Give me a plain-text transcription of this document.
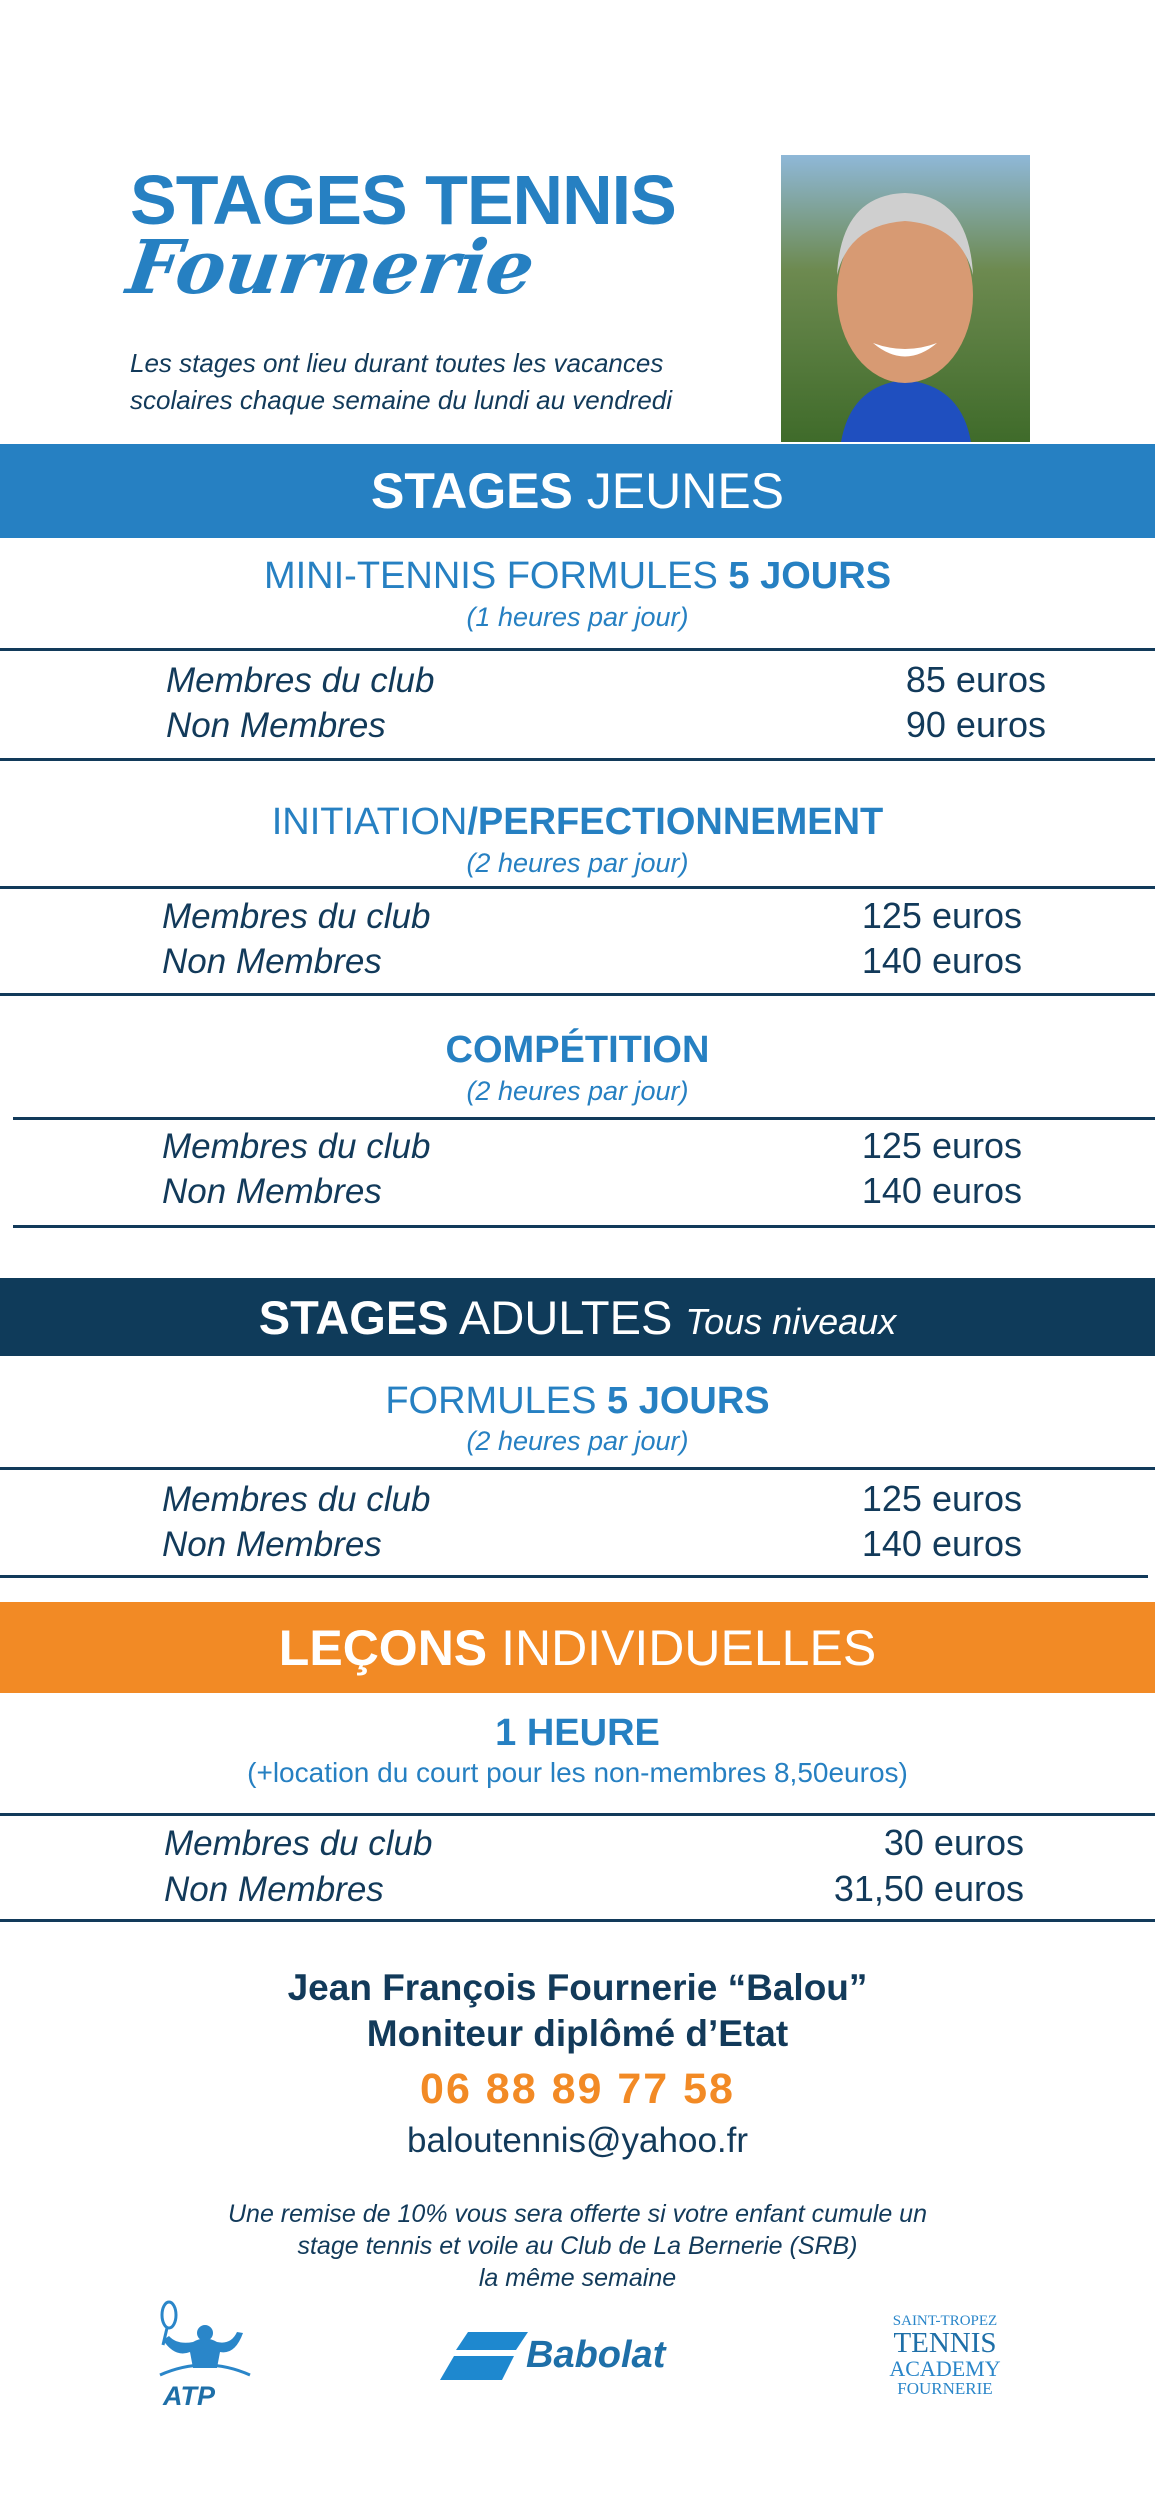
STAGES TENNIS
Fournerie
Les stages ont lieu durant toutes les vacances
scolaires chaque semaine du lundi au vendredi
STAGES JEUNES
MINI-TENNIS FORMULES 5 JOURS
(1 heures par jour)
Membres du club	85 euros
Non Membres	90 euros
INITIATION/PERFECTIONNEMENT
(2 heures par jour)
Membres du club	125 euros
Non Membres	140 euros
COMPÉTITION
(2 heures par jour)
Membres du club	125 euros
Non Membres	140 euros
STAGES ADULTES Tous niveaux
FORMULES 5 JOURS
(2 heures par jour)
Membres du club	125 euros
Non Membres	140 euros
LEÇONS INDIVIDUELLES
1 HEURE
(+location du court pour les non-membres 8,50euros)
Membres du club	30 euros
Non Membres	31,50 euros
Jean François Fournerie “Balou”
Moniteur diplômé d’Etat
06 88 89 77 58
baloutennis@yahoo.fr
Une remise de 10% vous sera offerte si votre enfant cumule un
stage tennis et voile au Club de La Bernerie (SRB)
la même semaine
ATP
Babolat
SAINT-TROPEZ
TENNIS
ACADEMY
FOURNERIE
